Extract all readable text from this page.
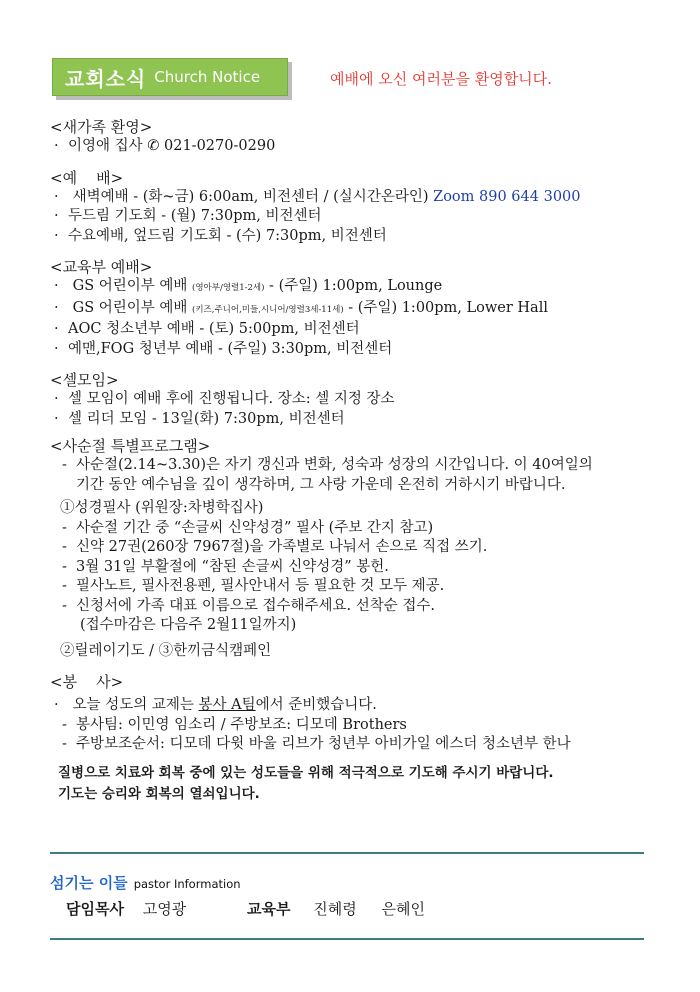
교회소식 Church Notice	예배에 오신 여러분을 환영합니다.
<새가족 환영>
· 이영애 집사 ✆ 021-0270-0290
<예    배>
· 새벽예배 - (화~금) 6:00am, 비전센터 / (실시간온라인) Zoom 890 644 3000
· 두드림 기도회 - (월) 7:30pm, 비전센터
· 수요예배, 엎드림 기도회 - (수) 7:30pm, 비전센터
<교육부 예배>
· GS 어린이부 예배 (영아부/영렬1-2세) - (주일) 1:00pm, Lounge
· GS 어린이부 예배 (키즈,주니어,미들,시니어/영렬3세-11세) - (주일) 1:00pm, Lower Hall
· AOC 청소년부 예배 - (토) 5:00pm, 비전센터
· 예맨,FOG 청년부 예배 - (주일) 3:30pm, 비전센터
<셀모임>
· 셀 모임이 예배 후에 진행됩니다. 장소: 셀 지정 장소
· 셀 리더 모임 - 13일(화) 7:30pm, 비전센터
<사순절 특별프로그램>
- 사순절(2.14~3.30)은 자기 갱신과 변화, 성숙과 성장의 시간입니다. 이 40여일의
기간 동안 예수님을 깊이 생각하며, 그 사랑 가운데 온전히 거하시기 바랍니다.
①성경필사 (위원장:차병학집사)
- 사순절 기간 중 “손글씨 신약성경” 필사 (주보 간지 참고)
- 신약 27권(260장 7967절)을 가족별로 나눠서 손으로 직접 쓰기.
- 3월 31일 부활절에 “참된 손글씨 신약성경” 봉헌.
- 필사노트, 필사전용펜, 필사안내서 등 필요한 것 모두 제공.
- 신청서에 가족 대표 이름으로 접수해주세요. 선착순 접수.
(접수마감은 다음주 2월11일까지)
②릴레이기도 / ③한끼금식캠페인
<봉    사>
· 오늘 성도의 교제는 봉사 A팀에서 준비했습니다.
- 봉사팀: 이민영 임소리 / 주방보조: 디모데 Brothers
- 주방보조순서: 디모데 다윗 바울 리브가 청년부 아비가일 에스더 청소년부 한나
질병으로 치료와 회복 중에 있는 성도들을 위해 적극적으로 기도해 주시기 바랍니다.
기도는 승리와 회복의 열쇠입니다.
섬기는 이들 pastor Information
담임목사 고영광	교육부 진혜령 은혜인
